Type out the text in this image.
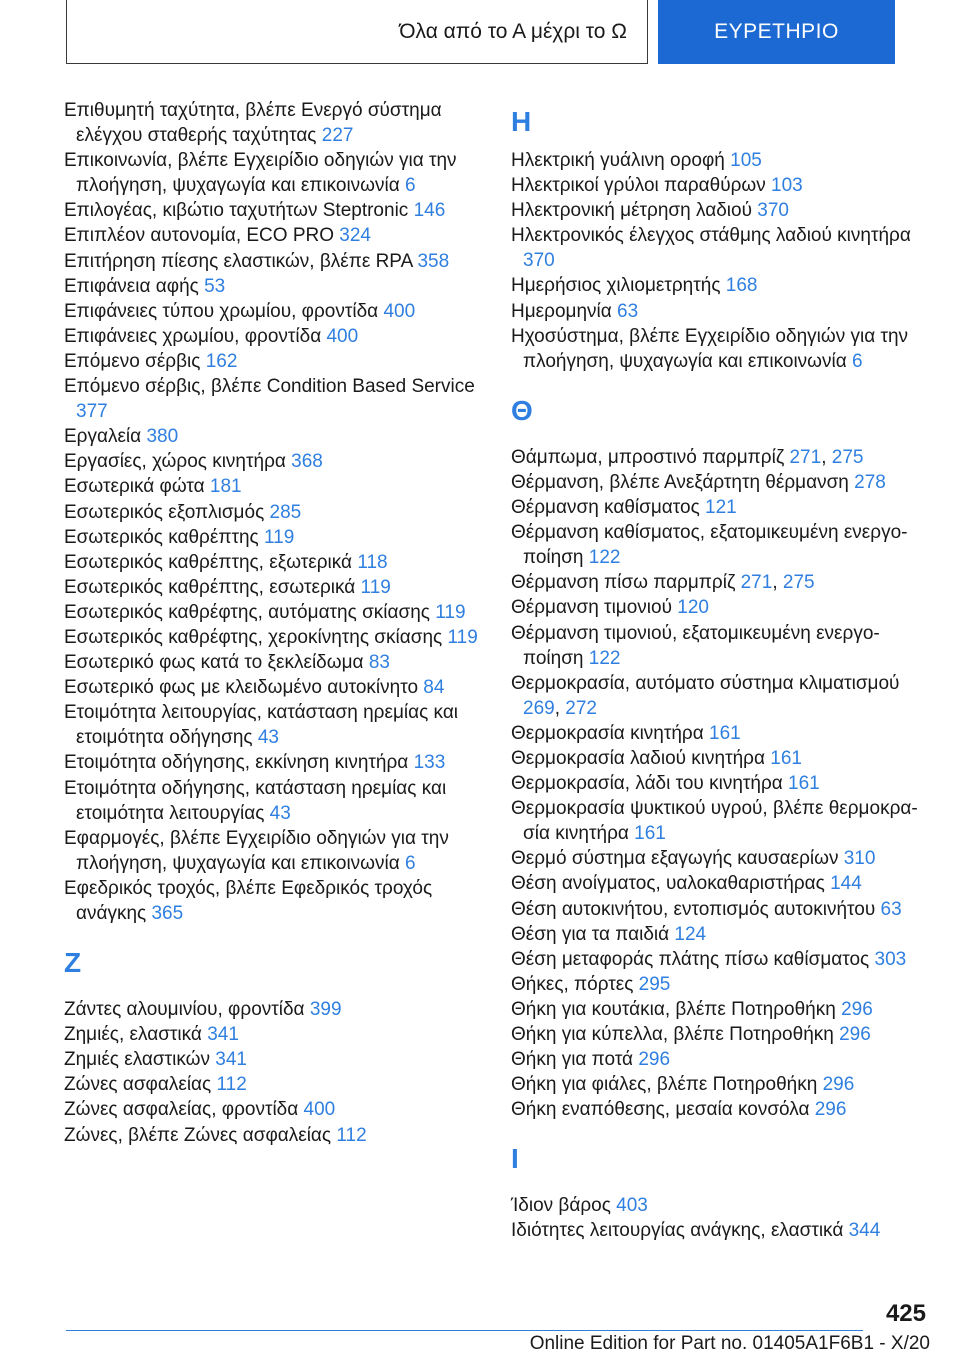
Όλα από το Α μέχρι το Ω	ΕΥΡΕΤΗΡΙΟ

Επιθυμητή ταχύτητα, βλέπε Ενεργό σύστημα ελέγχου σταθερής ταχύτητας 227

Επικοινωνία, βλέπε Εγχειρίδιο οδηγιών για την πλοήγηση, ψυχαγωγία και επικοινωνία 6

Επιλογέας, κιβώτιο ταχυτήτων Steptronic 146

Επιπλέον αυτονομία, ECO PRO 324

Επιτήρηση πίεσης ελαστικών, βλέπε RPA 358

Επιφάνεια αφής 53

Επιφάνειες τύπου χρωμίου, φροντίδα 400

Επιφάνειες χρωμίου, φροντίδα 400

Επόμενο σέρβις 162

Επόμενο σέρβις, βλέπε Condition Based Service 377

Εργαλεία 380

Εργασίες, χώρος κινητήρα 368

Εσωτερικά φώτα 181

Εσωτερικός εξοπλισμός 285

Εσωτερικός καθρέπτης 119

Εσωτερικός καθρέπτης, εξωτερικά 118

Εσωτερικός καθρέπτης, εσωτερικά 119

Εσωτερικός καθρέφτης, αυτόματης σκίασης 119

Εσωτερικός καθρέφτης, χεροκίνητης σκίασης 119

Εσωτερικό φως κατά το ξεκλείδωμα 83

Εσωτερικό φως με κλειδωμένο αυτοκίνητο 84

Ετοιμότητα λειτουργίας, κατάσταση ηρεμίας και ετοιμότητα οδήγησης 43

Ετοιμότητα οδήγησης, εκκίνηση κινητήρα 133

Ετοιμότητα οδήγησης, κατάσταση ηρεμίας και ετοιμότητα λειτουργίας 43

Εφαρμογές, βλέπε Εγχειρίδιο οδηγιών για την πλοήγηση, ψυχαγωγία και επικοινωνία 6

Εφεδρικός τροχός, βλέπε Εφεδρικός τροχός ανάγκης 365

Z

Ζάντες αλουμινίου, φροντίδα 399

Ζημιές, ελαστικά 341

Ζημιές ελαστικών 341

Ζώνες ασφαλείας 112

Ζώνες ασφαλείας, φροντίδα 400

Ζώνες, βλέπε Ζώνες ασφαλείας 112

H

Ηλεκτρική γυάλινη οροφή 105

Ηλεκτρικοί γρύλοι παραθύρων 103

Ηλεκτρονική μέτρηση λαδιού 370

Ηλεκτρονικός έλεγχος στάθμης λαδιού κινητήρα 370

Ημερήσιος χιλιομετρητής 168

Ημερομηνία 63

Ηχοσύστημα, βλέπε Εγχειρίδιο οδηγιών για την πλοήγηση, ψυχαγωγία και επικοινωνία 6

Θ

Θάμπωμα, μπροστινό παρμπρίζ 271, 275

Θέρμανση, βλέπε Ανεξάρτητη θέρμανση 278

Θέρμανση καθίσματος 121

Θέρμανση καθίσματος, εξατομικευμένη ενεργοποίηση 122

Θέρμανση πίσω παρμπρίζ 271, 275

Θέρμανση τιμονιού 120

Θέρμανση τιμονιού, εξατομικευμένη ενεργοποίηση 122

Θερμοκρασία, αυτόματο σύστημα κλιματισμού 269, 272

Θερμοκρασία κινητήρα 161

Θερμοκρασία λαδιού κινητήρα 161

Θερμοκρασία, λάδι του κινητήρα 161

Θερμοκρασία ψυκτικού υγρού, βλέπε θερμοκρασία κινητήρα 161

Θερμό σύστημα εξαγωγής καυσαερίων 310

Θέση ανοίγματος, υαλοκαθαριστήρας 144

Θέση αυτοκινήτου, εντοπισμός αυτοκινήτου 63

Θέση για τα παιδιά 124

Θέση μεταφοράς πλάτης πίσω καθίσματος 303

Θήκες, πόρτες 295

Θήκη για κουτάκια, βλέπε Ποτηροθήκη 296

Θήκη για κύπελλα, βλέπε Ποτηροθήκη 296

Θήκη για ποτά 296

Θήκη για φιάλες, βλέπε Ποτηροθήκη 296

Θήκη εναπόθεσης, μεσαία κονσόλα 296

I

Ίδιον βάρος 403

Ιδιότητες λειτουργίας ανάγκης, ελαστικά 344

425
Online Edition for Part no. 01405A1F6B1 - X/20
